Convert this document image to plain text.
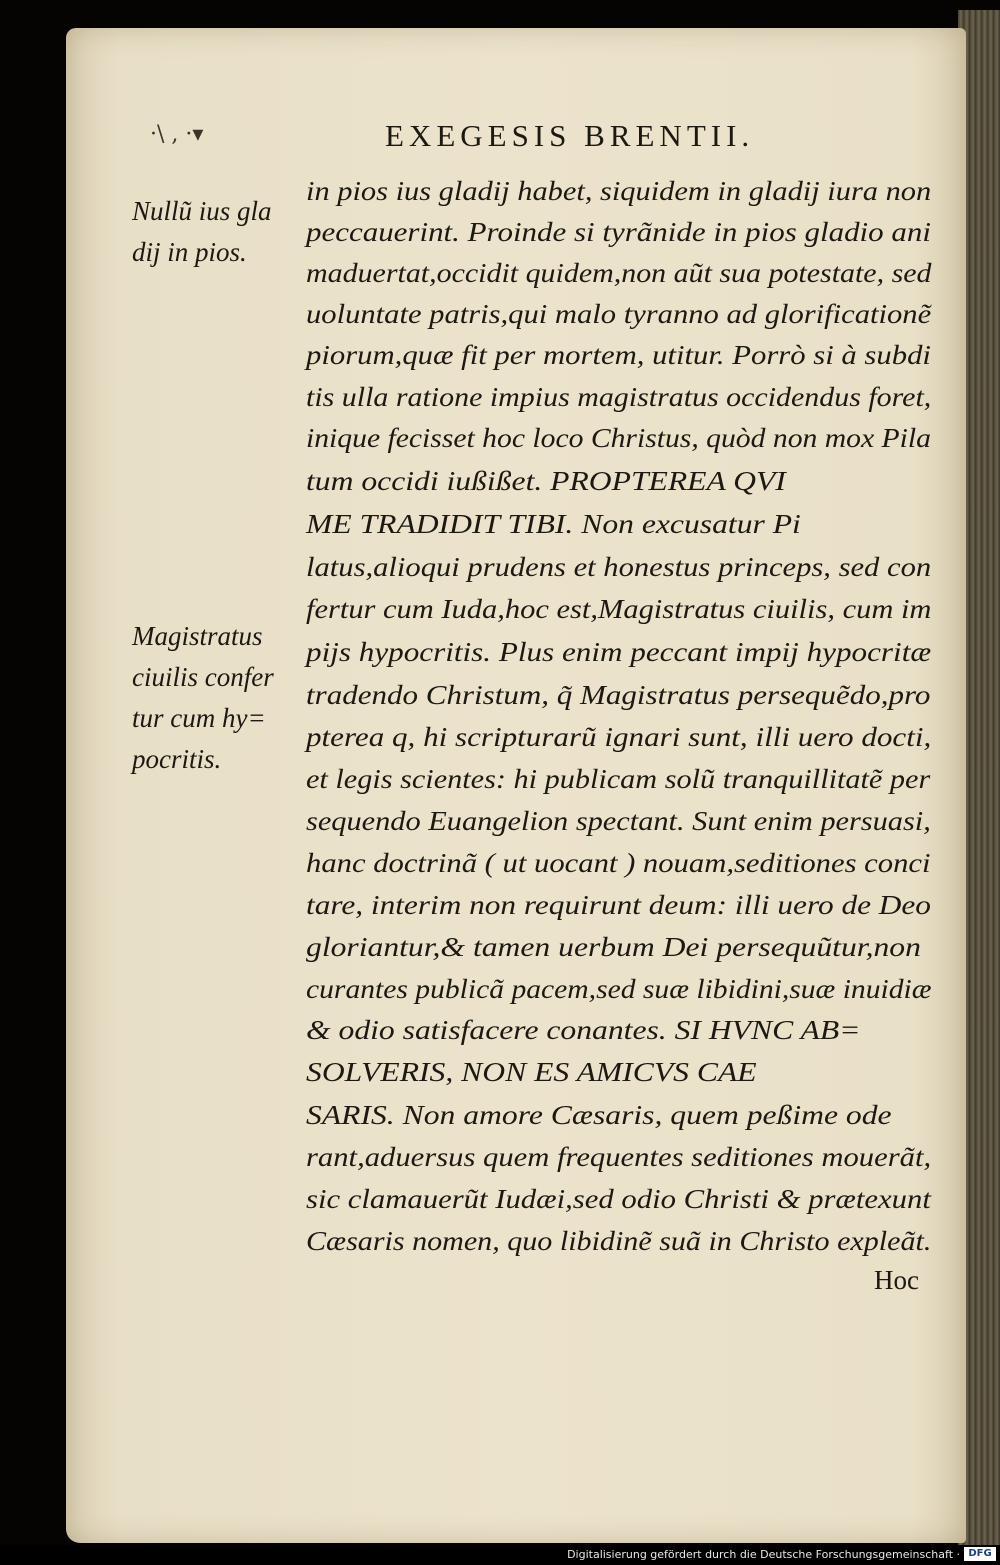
·\ , ·▾	EXEGESIS BRENTII.
in pios ius gladij habet, siquidem in gladij iura non
peccauerint. Proinde si tyrãnide in pios gladio ani
maduertat,occidit quidem,non aũt sua potestate, sed
uoluntate patris,qui malo tyranno ad glorificationẽ
piorum,quæ fit per mortem, utitur. Porrò si à subdi
tis ulla ratione impius magistratus occidendus foret,
inique fecisset hoc loco Christus, quòd non mox Pila
tum occidi iußißet. PROPTEREA QVI
ME TRADIDIT TIBI. Non excusatur Pi
latus,alioqui prudens et honestus princeps, sed con
fertur cum Iuda,hoc est,Magistratus ciuilis, cum im
pijs hypocritis. Plus enim peccant impij hypocritæ
tradendo Christum, q̃ Magistratus persequẽdo,pro
pterea q, hi scripturarũ ignari sunt, illi uero docti,
et legis scientes: hi publicam solũ tranquillitatẽ per
sequendo Euangelion spectant. Sunt enim persuasi,
hanc doctrinã ( ut uocant ) nouam,seditiones conci
tare, interim non requirunt deum: illi uero de Deo
gloriantur,& tamen uerbum Dei persequũtur,non
curantes publicã pacem,sed suæ libidini,suæ inuidiæ
& odio satisfacere conantes. SI HVNC AB=
SOLVERIS, NON ES AMICVS CAE
SARIS. Non amore Cæsaris, quem peßime ode
rant,aduersus quem frequentes seditiones mouerãt,
sic clamauerũt Iudæi,sed odio Christi & prætexunt
Cæsaris nomen, quo libidinẽ suã in Christo expleãt.
Nullũ ius gla
dij in pios.
Magistratus
ciuilis confer
tur cum hy=
pocritis.
Hoc
Digitalisierung gefördert durch die Deutsche Forschungsgemeinschaft · DFG
